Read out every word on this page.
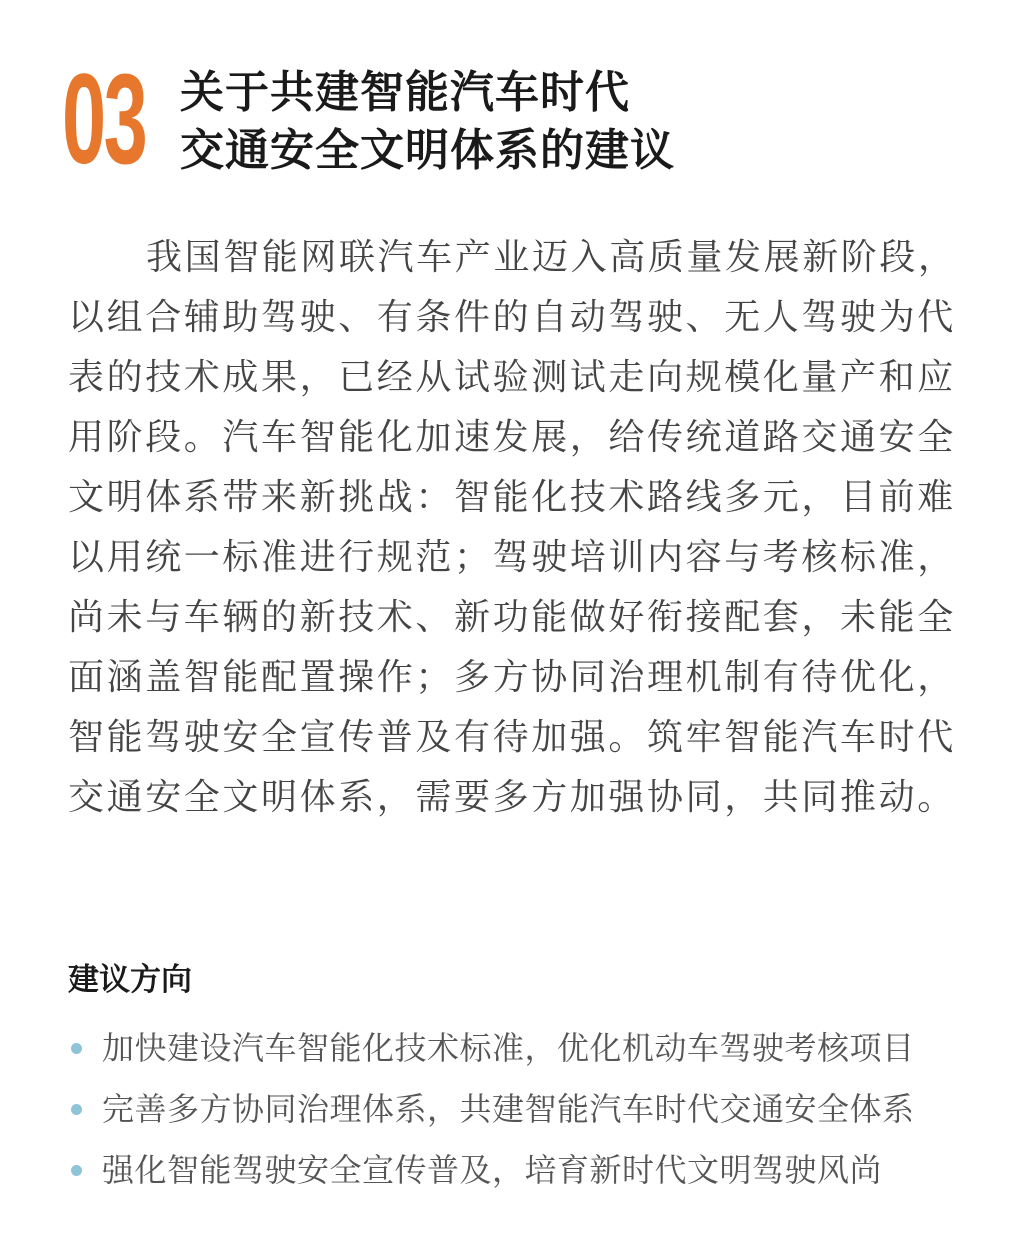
03 关于共建智能汽车时代
交通安全文明体系的建议
我国智能网联汽车产业迈入高质量发展新阶段，
以组合辅助驾驶、有条件的自动驾驶、无人驾驶为代
表的技术成果，已经从试验测试走向规模化量产和应
用阶段。汽车智能化加速发展，给传统道路交通安全
文明体系带来新挑战：智能化技术路线多元，目前难
以用统一标准进行规范；驾驶培训内容与考核标准，
尚未与车辆的新技术、新功能做好衔接配套，未能全
面涵盖智能配置操作；多方协同治理机制有待优化，
智能驾驶安全宣传普及有待加强。筑牢智能汽车时代
交通安全文明体系，需要多方加强协同，共同推动。
建议方向
加快建设汽车智能化技术标准，优化机动车驾驶考核项目
完善多方协同治理体系，共建智能汽车时代交通安全体系
强化智能驾驶安全宣传普及，培育新时代文明驾驶风尚
